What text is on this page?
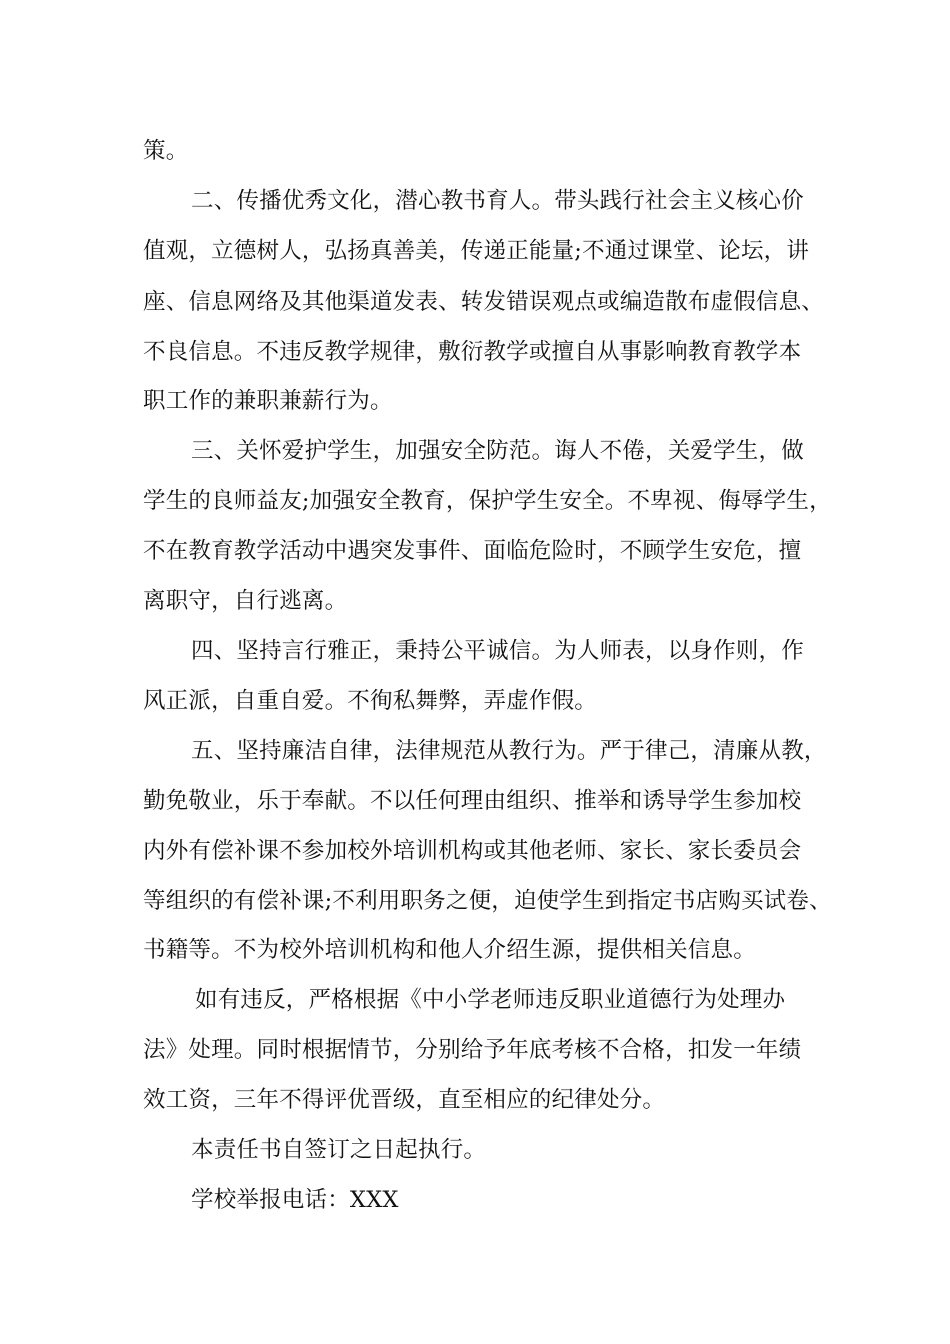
策。
二、传播优秀文化，潜心教书育人。带头践行社会主义核心价
值观，立德树人，弘扬真善美，传递正能量;不通过课堂、论坛，讲
座、信息网络及其他渠道发表、转发错误观点或编造散布虚假信息、
不良信息。不违反教学规律，敷衍教学或擅自从事影响教育教学本
职工作的兼职兼薪行为。
三、关怀爱护学生，加强安全防范。诲人不倦，关爱学生，做
学生的良师益友;加强安全教育，保护学生安全。不卑视、侮辱学生，
不在教育教学活动中遇突发事件、面临危险时，不顾学生安危，擅
离职守，自行逃离。
四、坚持言行雅正，秉持公平诚信。为人师表，以身作则，作
风正派，自重自爱。不徇私舞弊，弄虚作假。
五、坚持廉洁自律，法律规范从教行为。严于律己，清廉从教，
勤免敬业，乐于奉献。不以任何理由组织、推举和诱导学生参加校
内外有偿补课不参加校外培训机构或其他老师、家长、家长委员会
等组织的有偿补课;不利用职务之便，迫使学生到指定书店购买试卷、
书籍等。不为校外培训机构和他人介绍生源，提供相关信息。
如有违反，严格根据《中小学老师违反职业道德行为处理办
法》处理。同时根据情节，分别给予年底考核不合格，扣发一年绩
效工资，三年不得评优晋级，直至相应的纪律处分。
本责任书自签订之日起执行。
学校举报电话：XXX
